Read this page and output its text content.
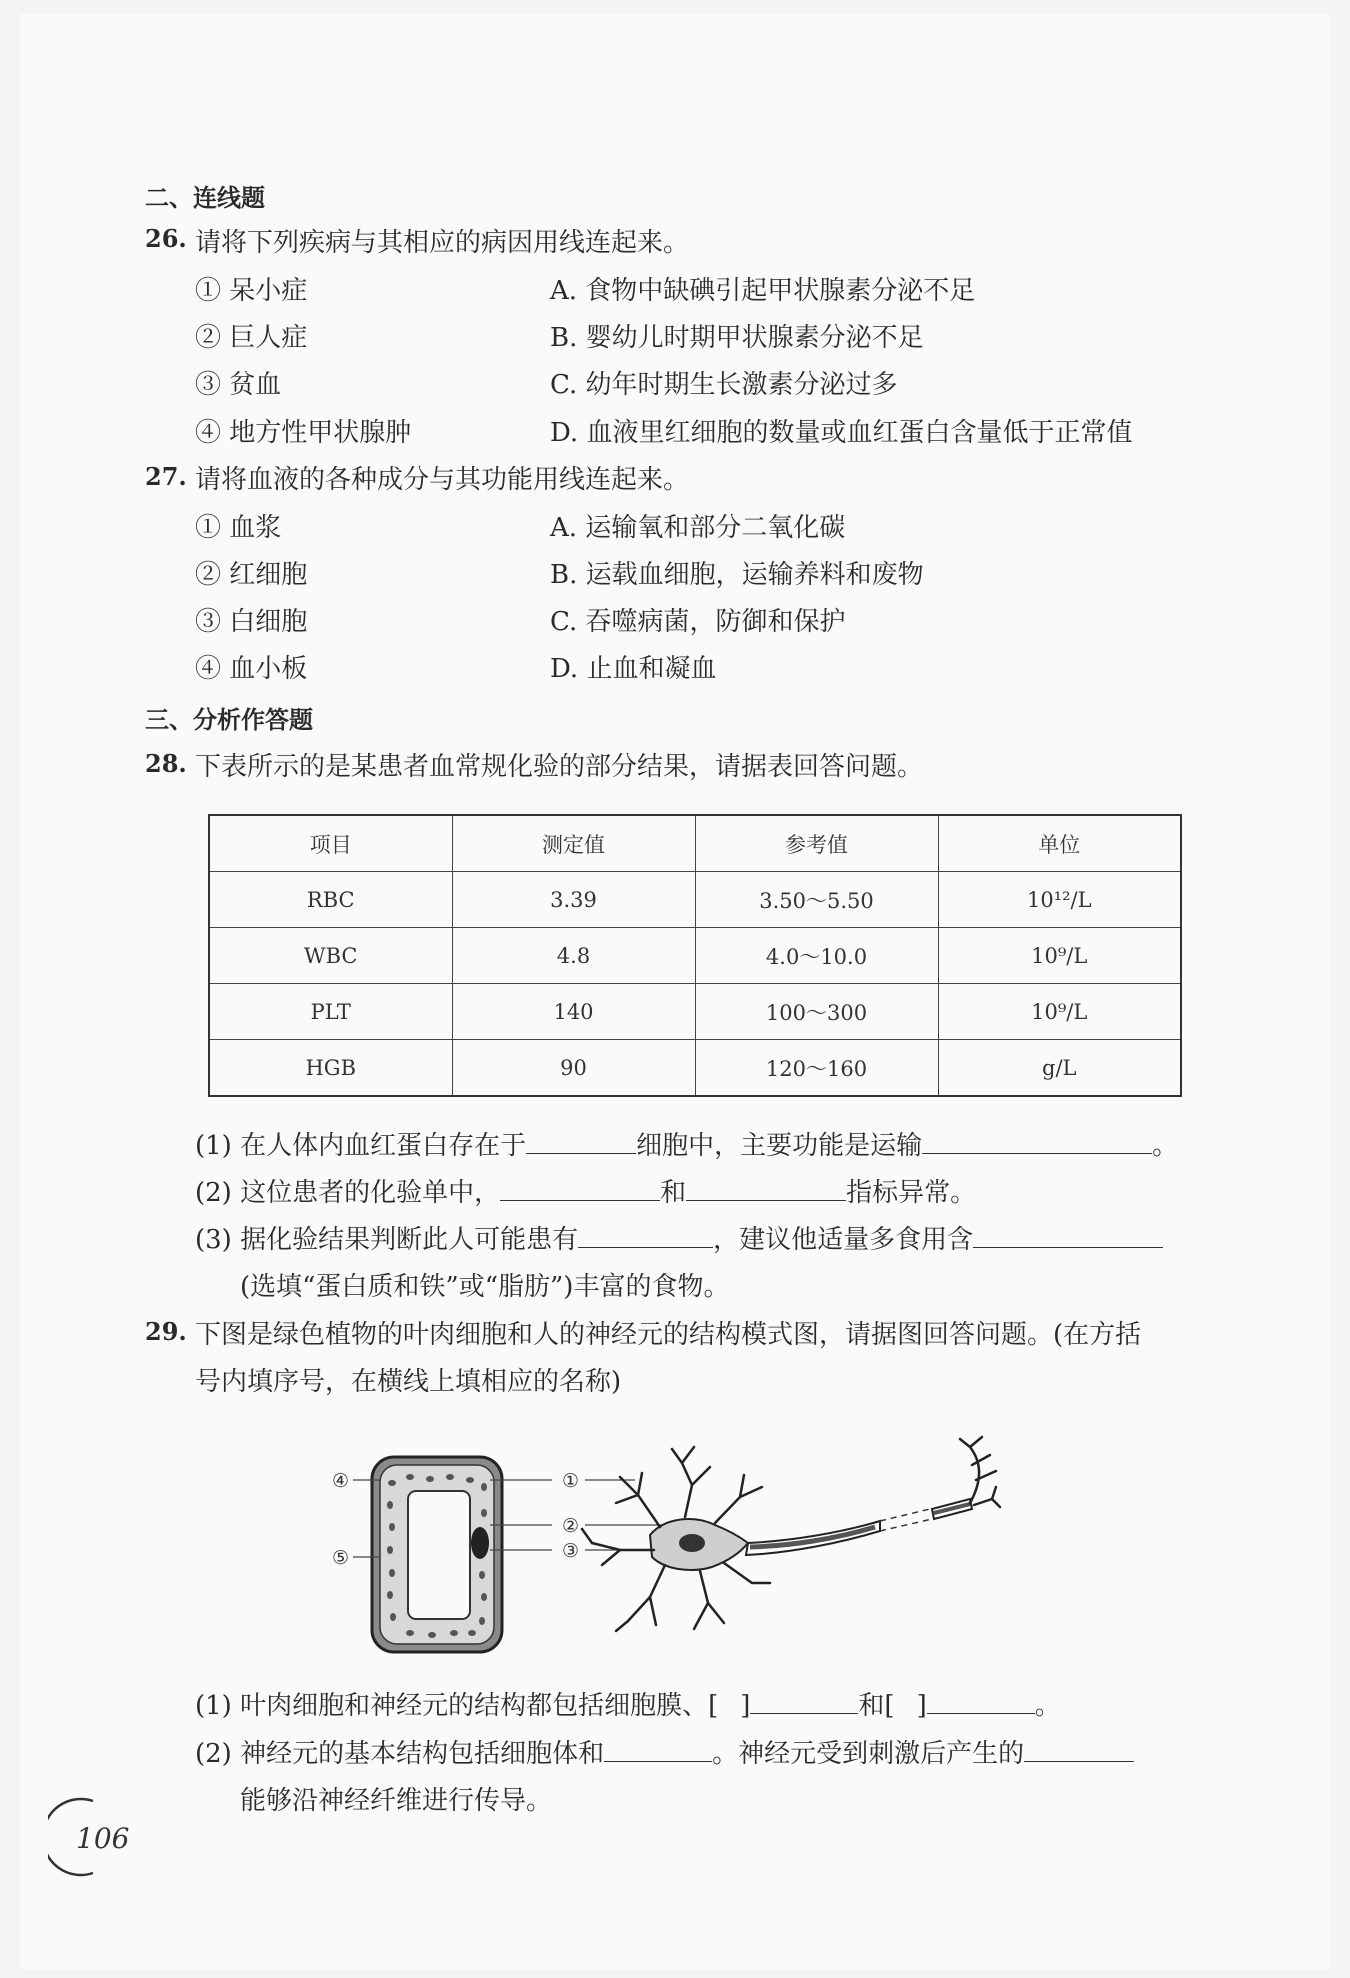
二、连线题
26. 请将下列疾病与其相应的病因用线连起来。
① 呆小症
② 巨人症
③ 贫血
④ 地方性甲状腺肿
A. 食物中缺碘引起甲状腺素分泌不足
B. 婴幼儿时期甲状腺素分泌不足
C. 幼年时期生长激素分泌过多
D. 血液里红细胞的数量或血红蛋白含量低于正常值
27. 请将血液的各种成分与其功能用线连起来。
① 血浆
② 红细胞
③ 白细胞
④ 血小板
A. 运输氧和部分二氧化碳
B. 运载血细胞，运输养料和废物
C. 吞噬病菌，防御和保护
D. 止血和凝血
三、分析作答题
28. 下表所示的是某患者血常规化验的部分结果，请据表回答问题。
项目	测定值	参考值	单位
RBC	3.39	3.50～5.50	10¹²/L
WBC	4.8	4.0～10.0	10⁹/L
PLT	140	100～300	10⁹/L
HGB	90	120～160	g/L
(1) 在人体内血红蛋白存在于	细胞中，主要功能是运输	。
(2) 这位患者的化验单中，	和	指标异常。
(3) 据化验结果判断此人可能患有	，建议他适量多食用含
(选填“蛋白质和铁”或“脂肪”)丰富的食物。
29. 下图是绿色植物的叶肉细胞和人的神经元的结构模式图，请据图回答问题。(在方括
号内填序号，在横线上填相应的名称)
④
⑤
①
②
③
(1) 叶肉细胞和神经元的结构都包括细胞膜、[ ]	和[ ]	。
(2) 神经元的基本结构包括细胞体和	。神经元受到刺激后产生的
能够沿神经纤维进行传导。
106
